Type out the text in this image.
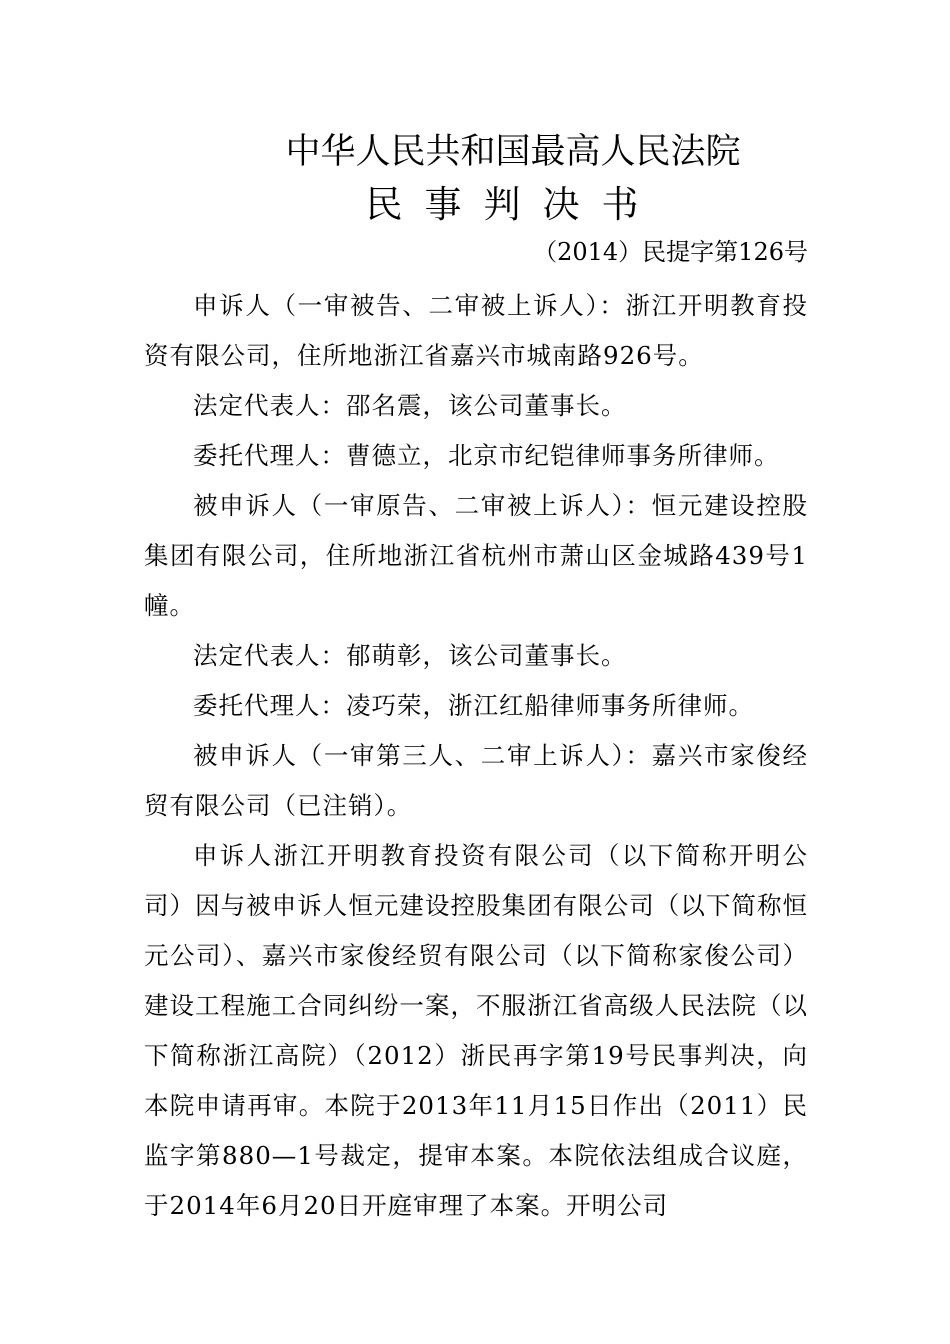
中华人民共和国最高人民法院
民事判决书
（2014）民提字第126号

申诉人（一审被告、二审被上诉人）：浙江开明教育投资有限公司，住所地浙江省嘉兴市城南路926号。

法定代表人：邵名震，该公司董事长。

委托代理人：曹德立，北京市纪铠律师事务所律师。

被申诉人（一审原告、二审被上诉人）：恒元建设控股集团有限公司，住所地浙江省杭州市萧山区金城路439号1幢。

法定代表人：郁萌彰，该公司董事长。

委托代理人：凌巧荣，浙江红船律师事务所律师。

被申诉人（一审第三人、二审上诉人）：嘉兴市家俊经贸有限公司（已注销）。

申诉人浙江开明教育投资有限公司（以下简称开明公司）因与被申诉人恒元建设控股集团有限公司（以下简称恒元公司）、嘉兴市家俊经贸有限公司（以下简称家俊公司）建设工程施工合同纠纷一案，不服浙江省高级人民法院（以下简称浙江高院）（2012）浙民再字第19号民事判决，向本院申请再审。本院于2013年11月15日作出（2011）民监字第880—1号裁定，提审本案。本院依法组成合议庭，于2014年6月20日开庭审理了本案。开明公司
